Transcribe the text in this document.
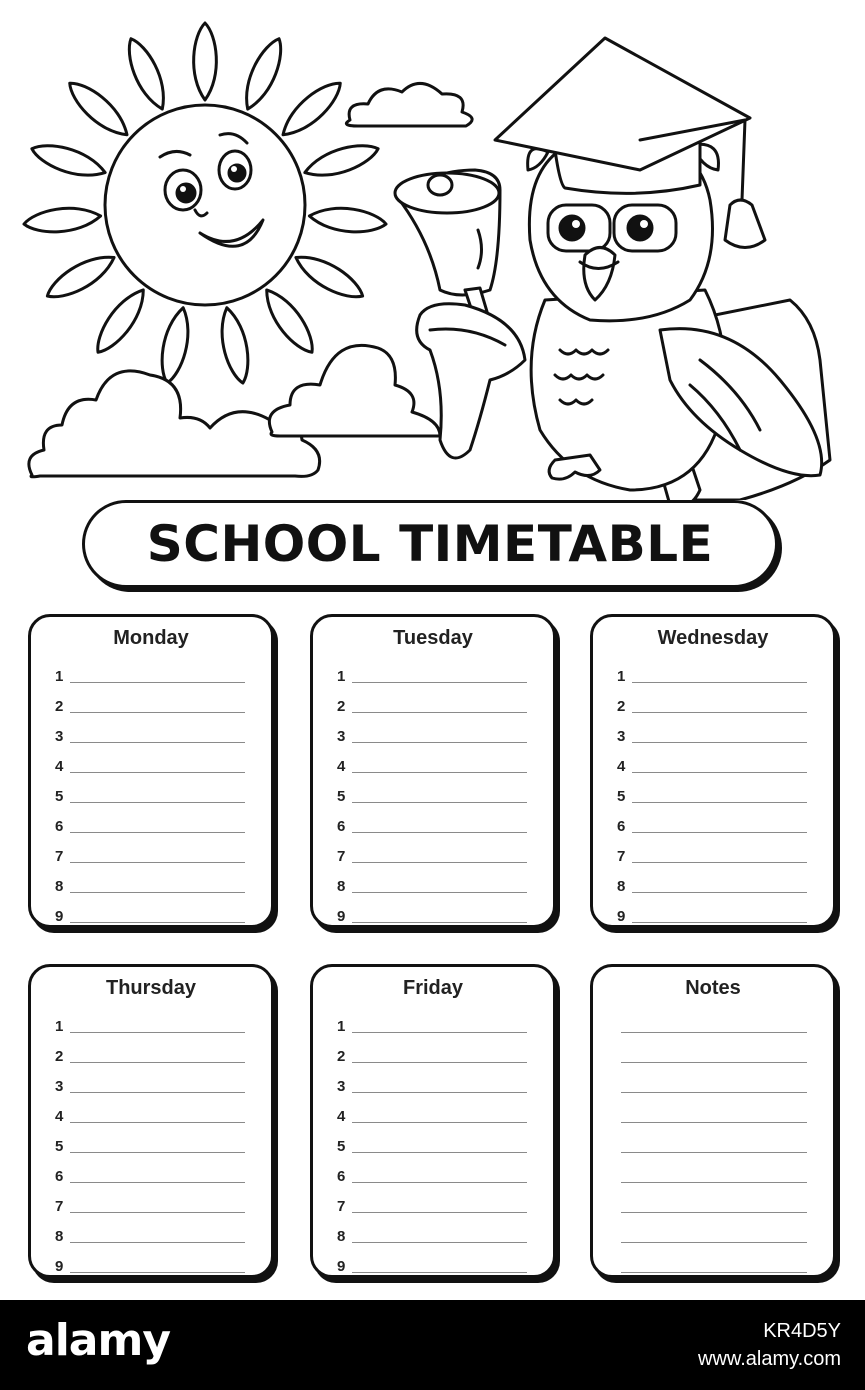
SCHOOL TIMETABLE
Monday
1
2
3
4
5
6
7
8
9
Tuesday
1
2
3
4
5
6
7
8
9
Wednesday
1
2
3
4
5
6
7
8
9
Thursday
1
2
3
4
5
6
7
8
9
Friday
1
2
3
4
5
6
7
8
9
Notes
alamy	KR4D5Y
www.alamy.com
